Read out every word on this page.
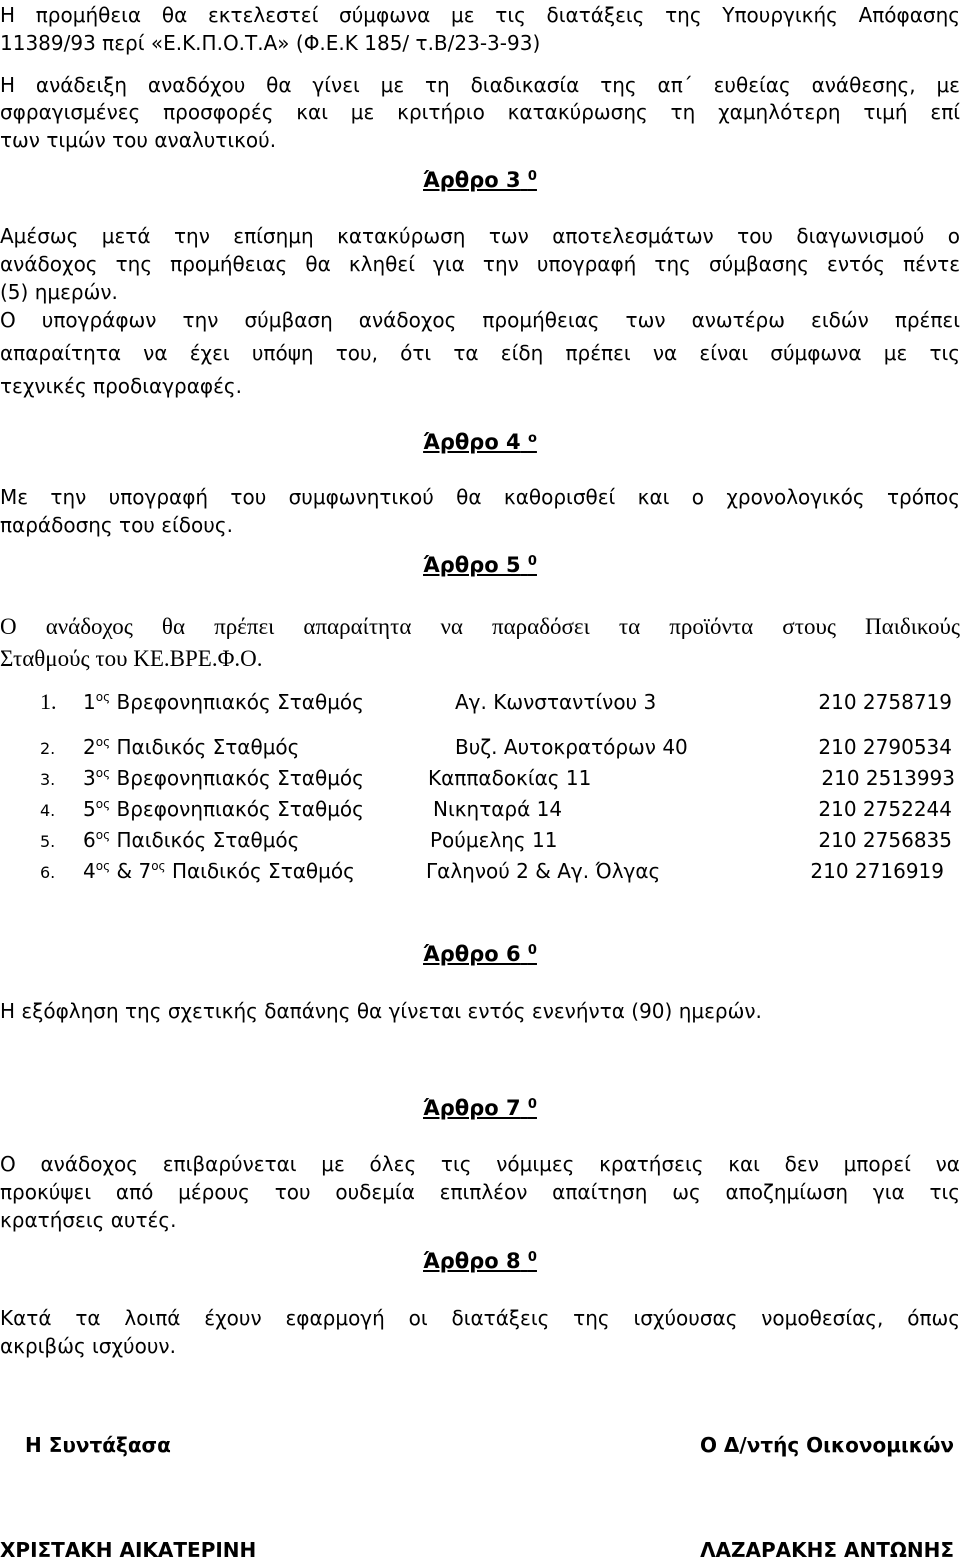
Η προμήθεια θα εκτελεστεί σύμφωνα με τις διατάξεις της Υπουργικής Απόφασης
11389/93 περί «Ε.Κ.Π.Ο.Τ.Α» (Φ.Ε.Κ 185/ τ.Β/23-3-93)
Η ανάδειξη αναδόχου θα γίνει με τη διαδικασία της απ΄ ευθείας ανάθεσης, με
σφραγισμένες προσφορές και με κριτήριο κατακύρωσης τη χαμηλότερη τιμή επί
των τιμών του αναλυτικού.
Άρθρο 3 $^0$
Αμέσως μετά την επίσημη κατακύρωση των αποτελεσμάτων του διαγωνισμού ο
ανάδοχος της προμήθειας θα κληθεί για την υπογραφή της σύμβασης εντός πέντε
(5) ημερών.
Ο υπογράφων την σύμβαση ανάδοχος προμήθειας των ανωτέρω ειδών πρέπει
απαραίτητα να έχει υπόψη του, ότι τα είδη πρέπει να είναι σύμφωνα με τις
τεχνικές προδιαγραφές.
Άρθρο 4 $^o$
Με την υπογραφή του συμφωνητικού θα καθορισθεί και ο χρονολογικός τρόπος
παράδοσης του είδους.
Άρθρο 5 $^0$
Ο ανάδοχος θα πρέπει απαραίτητα να παραδόσει τα προϊόντα στους Παιδικούς
Σταθμούς του ΚΕ.ΒΡΕ.Φ.Ο.
1. $1^{o\varsigma}$ Βρεφονηπιακός Σταθμός	Αγ. Κωνσταντίνου 3	210 2758719
2. $2^{o\varsigma}$ Παιδικός Σταθμός	Βυζ. Αυτοκρατόρων 40	210 2790534
3. $3^{o\varsigma}$ Βρεφονηπιακός Σταθμός	Καππαδοκίας 11	210 2513993
4. $5^{o\varsigma}$ Βρεφονηπιακός Σταθμός	Νικηταρά 14	210 2752244
5. $6^{o\varsigma}$ Παιδικός Σταθμός	Ρούμελης 11	210 2756835
6. $4^{o\varsigma}$ & $7^{o\varsigma}$ Παιδικός Σταθμός	Γαληνού 2 & Αγ. Όλγας	210 2716919
Άρθρο 6 $^0$
Η εξόφληση της σχετικής δαπάνης θα γίνεται εντός ενενήντα (90) ημερών.
Άρθρο 7 $^0$
Ο ανάδοχος επιβαρύνεται με όλες τις νόμιμες κρατήσεις και δεν μπορεί να
προκύψει από μέρους του ουδεμία επιπλέον απαίτηση ως αποζημίωση για τις
κρατήσεις αυτές.
Άρθρο 8 $^0$
Κατά τα λοιπά έχουν εφαρμογή οι διατάξεις της ισχύουσας νομοθεσίας, όπως
ακριβώς ισχύουν.
Η Συντάξασα	Ο Δ/ντής Οικονομικών
ΧΡΙΣΤΑΚΗ ΑΙΚΑΤΕΡΙΝΗ	ΛΑΖΑΡΑΚΗΣ ΑΝΤΩΝΗΣ
